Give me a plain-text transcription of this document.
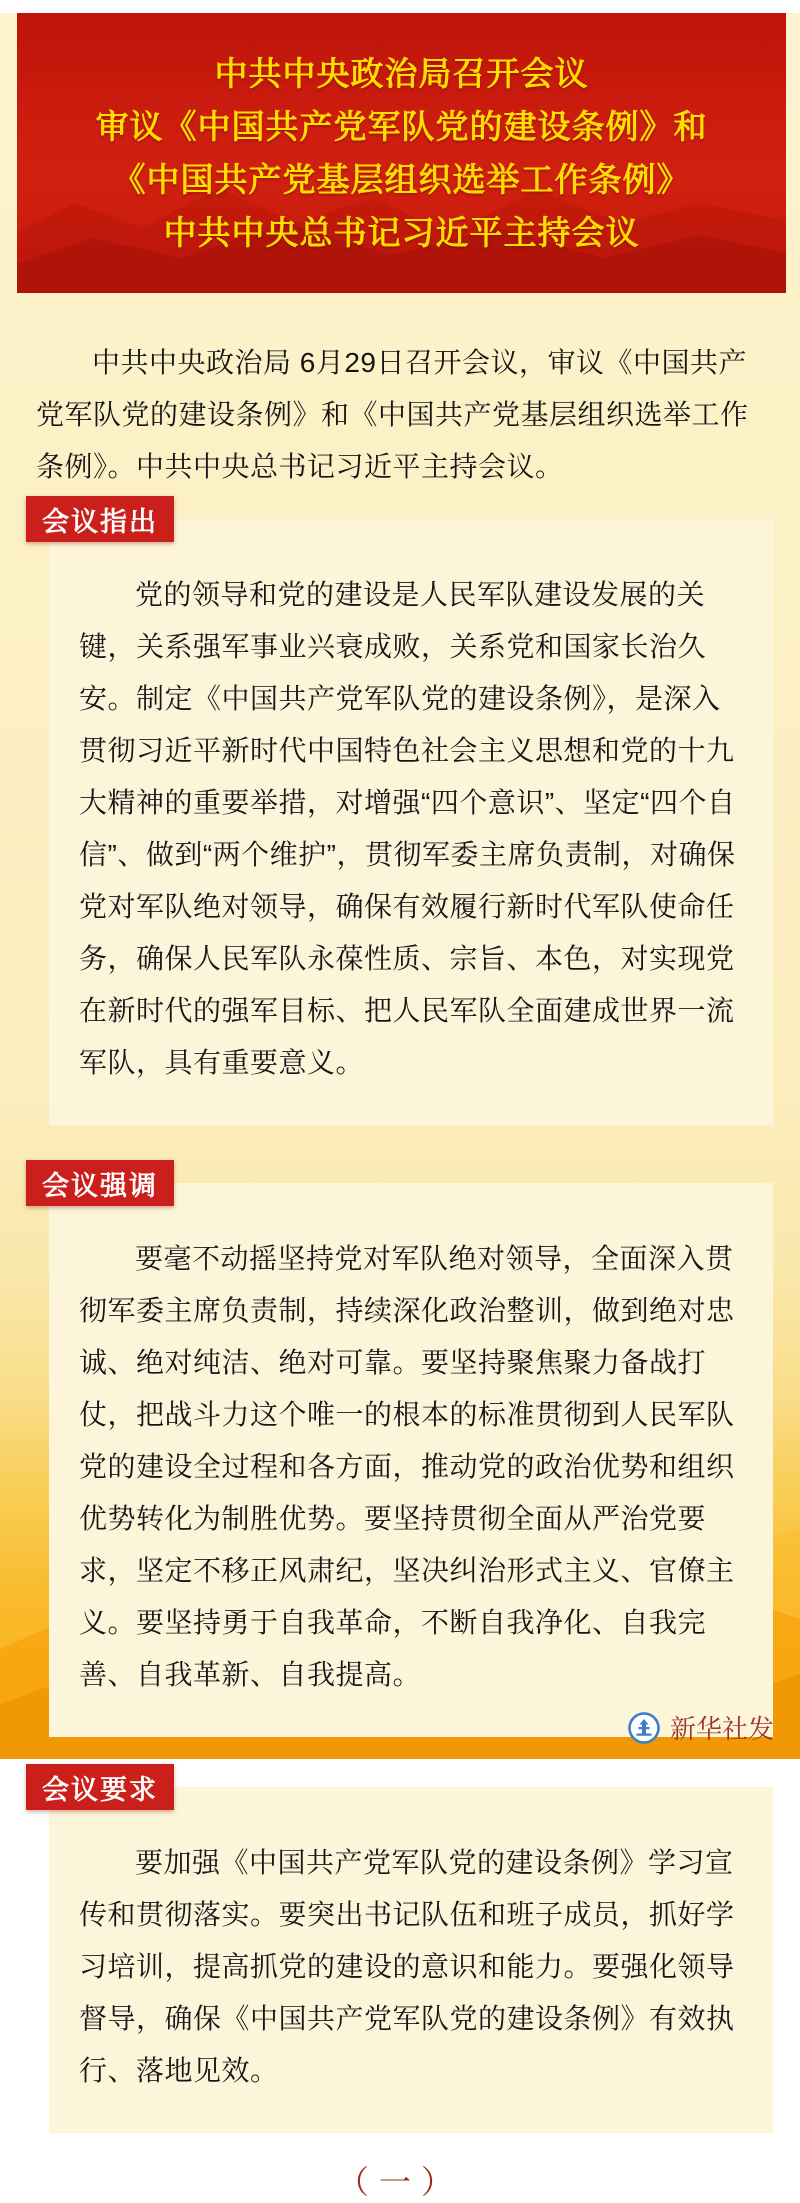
中共中央政治局召开会议
审议《中国共产党军队党的建设条例》和
《中国共产党基层组织选举工作条例》
中共中央总书记习近平主持会议

中共中央政治局 6月29日召开会议，审议《中国共产党军队党的建设条例》和《中国共产党基层组织选举工作条例》。中共中央总书记习近平主持会议。

会议指出
党的领导和党的建设是人民军队建设发展的关键，关系强军事业兴衰成败，关系党和国家长治久安。制定《中国共产党军队党的建设条例》，是深入贯彻习近平新时代中国特色社会主义思想和党的十九大精神的重要举措，对增强“四个意识”、坚定“四个自信”、做到“两个维护”，贯彻军委主席负责制，对确保党对军队绝对领导，确保有效履行新时代军队使命任务，确保人民军队永葆性质、宗旨、本色，对实现党在新时代的强军目标、把人民军队全面建成世界一流军队，具有重要意义。
会议强调
要毫不动摇坚持党对军队绝对领导，全面深入贯彻军委主席负责制，持续深化政治整训，做到绝对忠诚、绝对纯洁、绝对可靠。要坚持聚焦聚力备战打仗，把战斗力这个唯一的根本的标准贯彻到人民军队党的建设全过程和各方面，推动党的政治优势和组织优势转化为制胜优势。要坚持贯彻全面从严治党要求，坚定不移正风肃纪，坚决纠治形式主义、官僚主义。要坚持勇于自我革命，不断自我净化、自我完善、自我革新、自我提高。
会议要求
要加强《中国共产党军队党的建设条例》学习宣传和贯彻落实。要突出书记队伍和班子成员，抓好学习培训，提高抓党的建设的意识和能力。要强化领导督导，确保《中国共产党军队党的建设条例》有效执行、落地见效。
（一）
新华社发
